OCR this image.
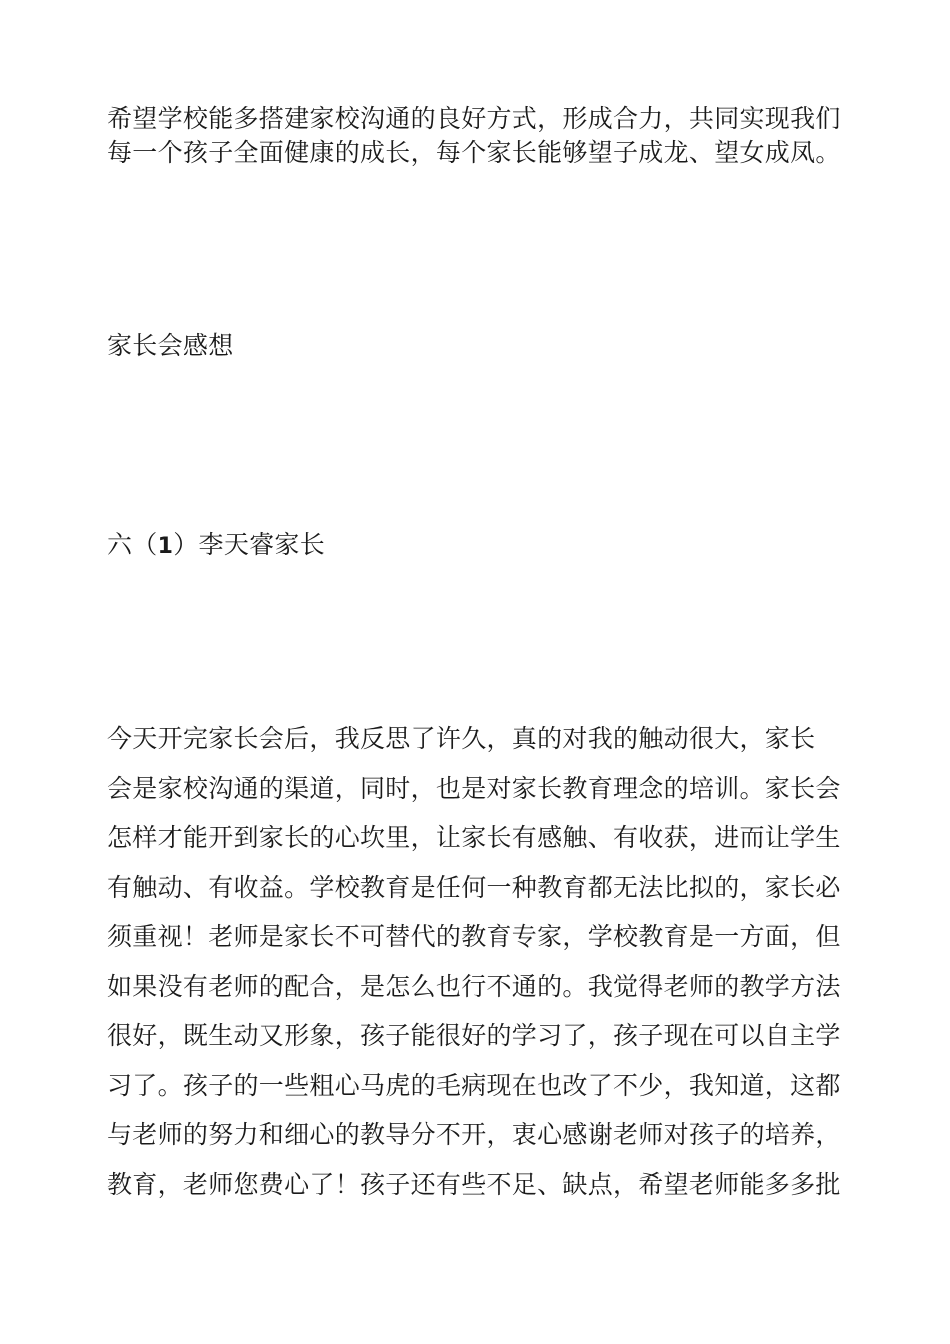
希望学校能多搭建家校沟通的良好方式，形成合力，共同实现我们
每一个孩子全面健康的成长，每个家长能够望子成龙、望女成凤。
家长会感想
六（1）李天睿家长
今天开完家长会后，我反思了许久，真的对我的触动很大，家长
会是家校沟通的渠道，同时，也是对家长教育理念的培训。家长会
怎样才能开到家长的心坎里，让家长有感触、有收获，进而让学生
有触动、有收益。学校教育是任何一种教育都无法比拟的，家长必
须重视！老师是家长不可替代的教育专家，学校教育是一方面，但
如果没有老师的配合，是怎么也行不通的。我觉得老师的教学方法
很好，既生动又形象，孩子能很好的学习了，孩子现在可以自主学
习了。孩子的一些粗心马虎的毛病现在也改了不少，我知道，这都
与老师的努力和细心的教导分不开，衷心感谢老师对孩子的培养，
教育，老师您费心了！孩子还有些不足、缺点，希望老师能多多批
